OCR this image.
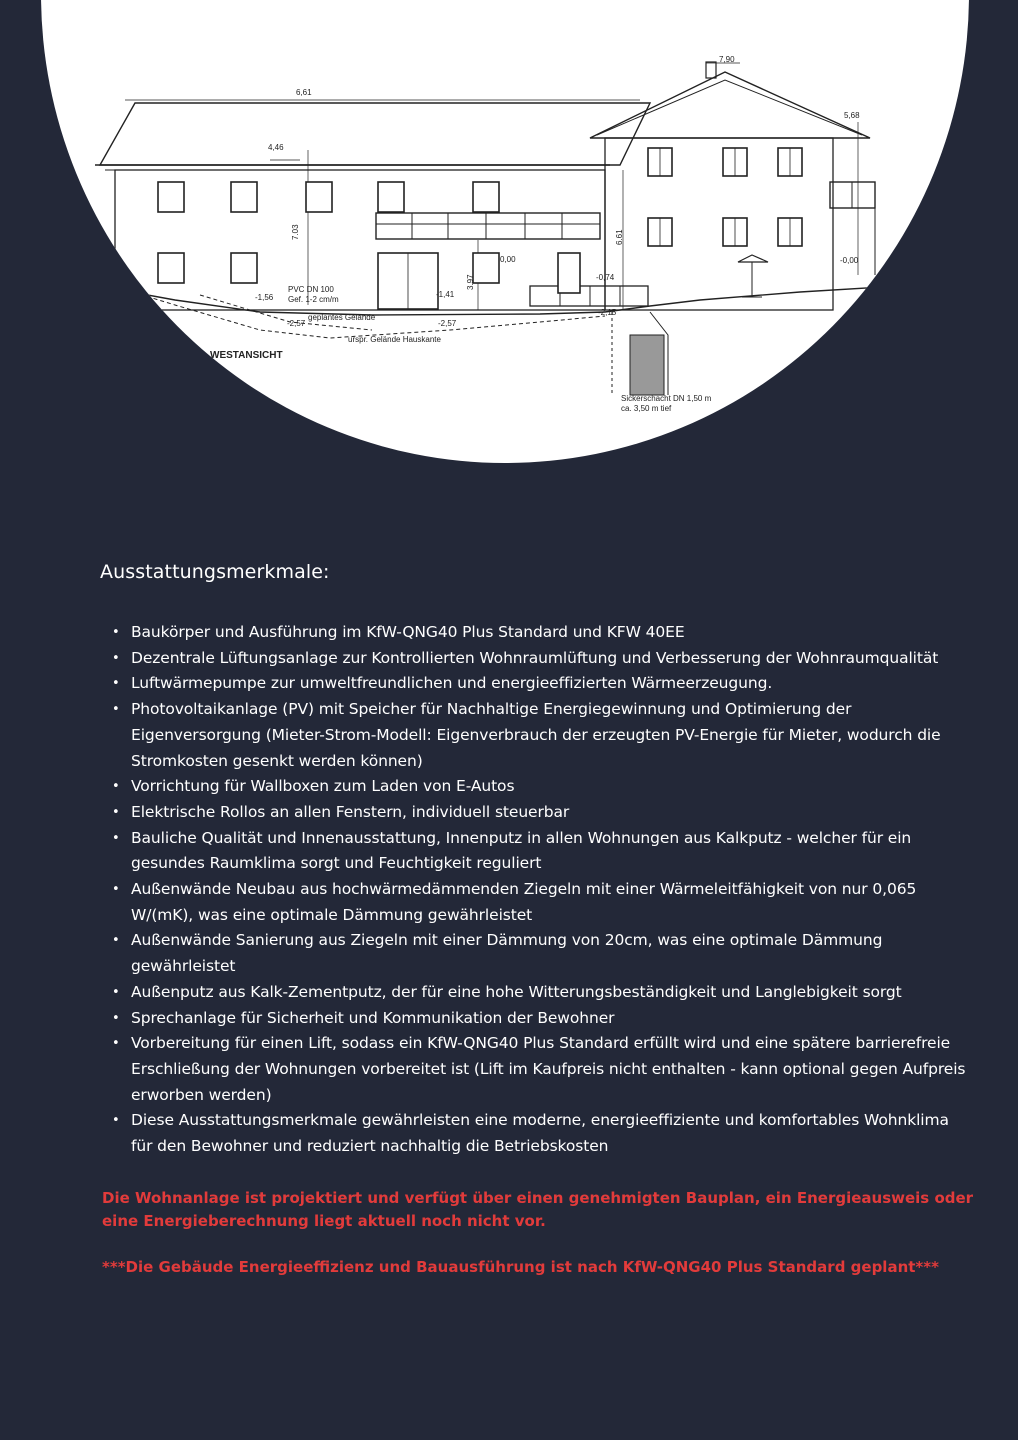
6,61
4,46
7,90
5,68
7.03
3.97
6.61
0,00	-0,00
-0,74
-1,41
-1,56
-2,57	-2,57
-2,15
PVC DN 100
Gef. 1-2 cm/m
geplantes Gelände
urspr. Gelände Hauskante
Sickerschacht DN 1,50 m
ca. 3,50 m tief
WESTANSICHT
Ausstattungsmerkmale:
• Baukörper und Ausführung im KfW-QNG40 Plus Standard und KFW 40EE
• Dezentrale Lüftungsanlage zur Kontrollierten Wohnraumlüftung und Verbesserung der Wohnraumqualität
• Luftwärmepumpe zur umweltfreundlichen und energieeffizierten Wärmeerzeugung.
• Photovoltaikanlage (PV) mit Speicher für Nachhaltige Energiegewinnung und Optimierung der Eigenversorgung (Mieter-Strom-Modell: Eigenverbrauch der erzeugten PV-Energie für Mieter, wodurch die Stromkosten gesenkt werden können)
• Vorrichtung für Wallboxen zum Laden von E-Autos
• Elektrische Rollos an allen Fenstern, individuell steuerbar
• Bauliche Qualität und Innenausstattung, Innenputz in allen Wohnungen aus Kalkputz - welcher für ein gesundes Raumklima sorgt und Feuchtigkeit reguliert
• Außenwände Neubau aus hochwärmedämmenden Ziegeln mit einer Wärmeleitfähigkeit von nur 0,065 W/(mK), was eine optimale Dämmung gewährleistet
• Außenwände Sanierung aus Ziegeln mit einer Dämmung von 20cm, was eine optimale Dämmung gewährleistet
• Außenputz aus Kalk-Zementputz, der für eine hohe Witterungsbeständigkeit und Langlebigkeit sorgt
• Sprechanlage für Sicherheit und Kommunikation der Bewohner
• Vorbereitung für einen Lift, sodass ein KfW-QNG40 Plus Standard erfüllt wird und eine spätere barrierefreie Erschließung der Wohnungen vorbereitet ist (Lift im Kaufpreis nicht enthalten - kann optional gegen Aufpreis erworben werden)
• Diese Ausstattungsmerkmale gewährleisten eine moderne, energieeffiziente und komfortables Wohnklima für den Bewohner und reduziert nachhaltig die Betriebskosten

Die Wohnanlage ist projektiert und verfügt über einen genehmigten Bauplan, ein Energieausweis oder eine Energieberechnung liegt aktuell noch nicht vor.

***Die Gebäude Energieeffizienz und Bauausführung ist nach KfW-QNG40 Plus Standard geplant***
